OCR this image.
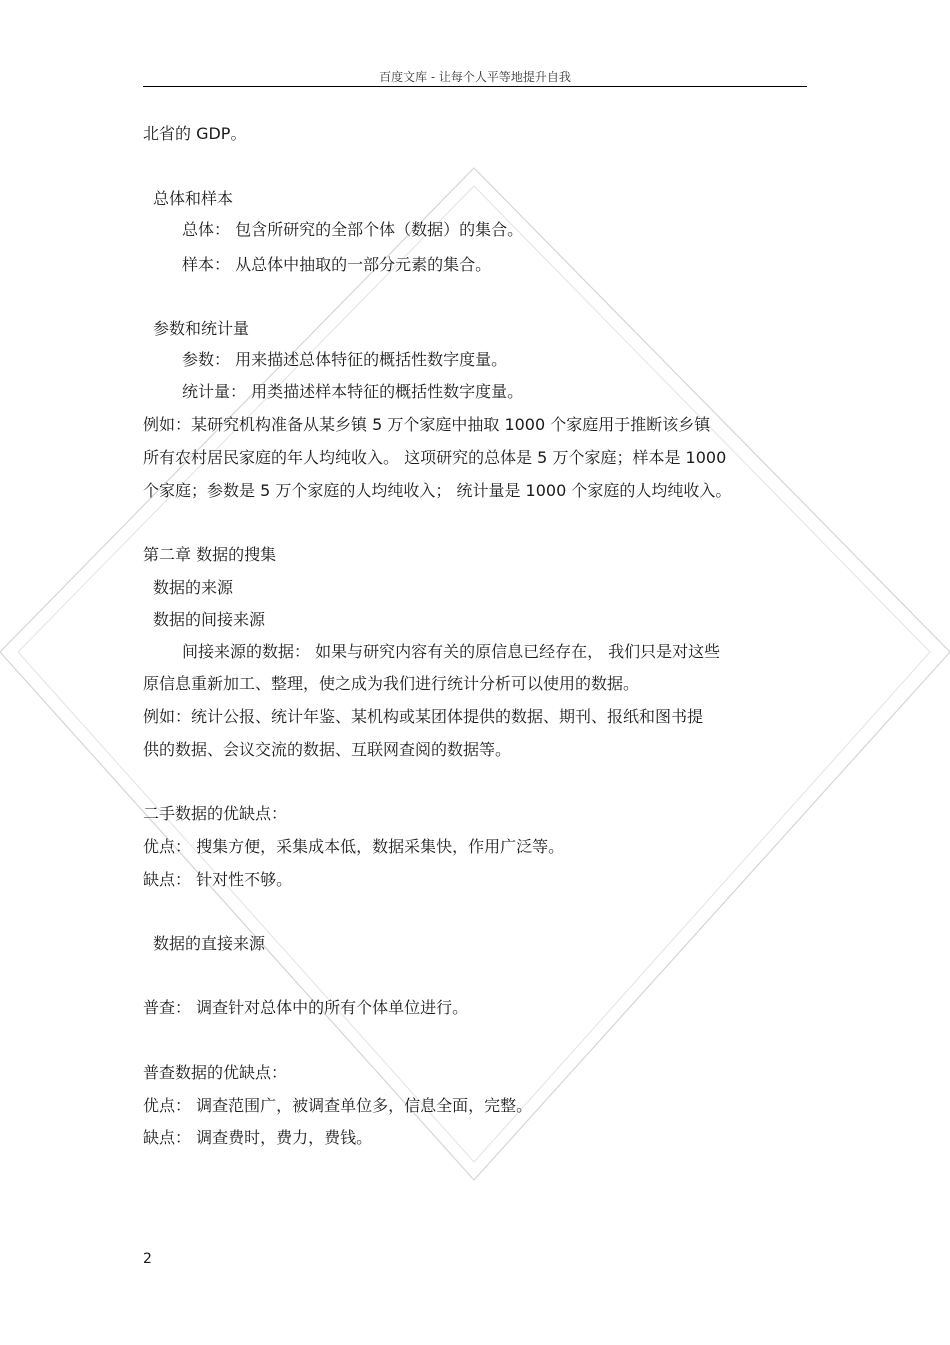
百度文库 - 让每个人平等地提升自我
北省的 GDP。
总体和样本
总体： 包含所研究的全部个体（数据）的集合。
样本： 从总体中抽取的一部分元素的集合。
参数和统计量
参数： 用来描述总体特征的概括性数字度量。
统计量： 用类描述样本特征的概括性数字度量。
例如：某研究机构准备从某乡镇 5 万个家庭中抽取 1000 个家庭用于推断该乡镇
所有农村居民家庭的年人均纯收入。 这项研究的总体是 5 万个家庭；样本是 1000
个家庭；参数是 5 万个家庭的人均纯收入； 统计量是 1000 个家庭的人均纯收入。
第二章 数据的搜集
数据的来源
数据的间接来源
间接来源的数据： 如果与研究内容有关的原信息已经存在， 我们只是对这些
原信息重新加工、整理，使之成为我们进行统计分析可以使用的数据。
例如：统计公报、统计年鉴、某机构或某团体提供的数据、期刊、报纸和图书提
供的数据、会议交流的数据、互联网查阅的数据等。
二手数据的优缺点：
优点： 搜集方便，采集成本低，数据采集快，作用广泛等。
缺点： 针对性不够。
数据的直接来源
普查： 调查针对总体中的所有个体单位进行。
普查数据的优缺点：
优点： 调查范围广，被调查单位多，信息全面，完整。
缺点： 调查费时，费力，费钱。
2
